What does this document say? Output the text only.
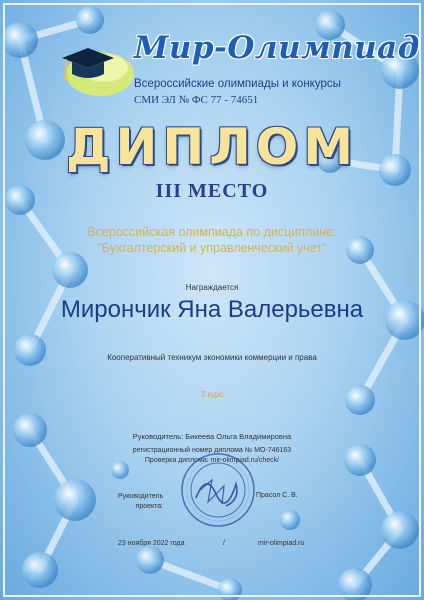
Мир-Олимпиад
Всероссийские олимпиады и конкурсы
СМИ ЭЛ № ФС 77 - 74651
ДИПЛОМ
III МЕСТО
Всероссийская олимпиада по дисциплине:
"Бухгалтерский и управленческий учет"
Награждается
Мирончик Яна Валерьевна
Кооперативный техникум экономики коммерции и права
3 курс
Руководитель: Бикеева Ольга Владимировна
регистрационный номер диплома № МО-746163
Проверка диплома: mir-olimpiad.ru/check/
Руководитель
проекта:
Прасол С. В.
23 ноября 2022 года	/	mir-olimpiad.ru
